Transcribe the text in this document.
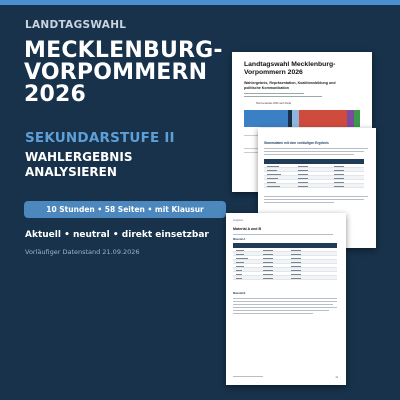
LANDTAGSWAHL
MECKLENBURG-
VORPOMMERN
2026
SEKUNDARSTUFE II
WAHLERGEBNIS
ANALYSIEREN
10 Stunden • 58 Seiten • mit Klausur
Aktuell • neutral • direkt einsetzbar
Vorläufiger Datenstand 21.09.2026
Landtagswahl Mecklenburg-
Vorpommern 2026
Wahlergebnis, Repräsentation, Koalitionsbildung und
politische Kommunikation
Stimmenanteile 2026 nach Partei
Stammdaten mit dem vorläufigen Ergebnis
Aufgaben
Material A und B
Material A
Material B
14
